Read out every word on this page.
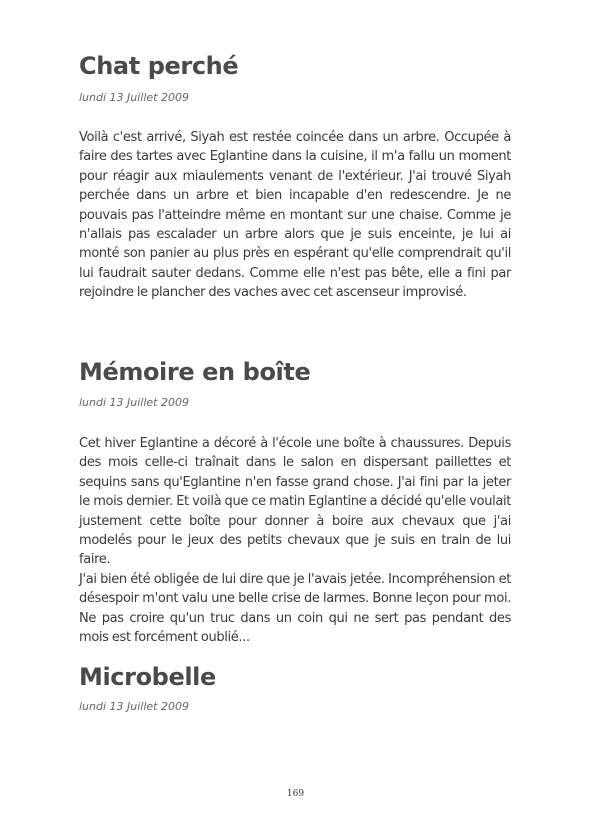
Chat perché
lundi 13 Juillet 2009
Voilà c'est arrivé, Siyah est restée coincée dans un arbre. Occupée à faire des tartes avec Eglantine dans la cuisine, il m'a fallu un moment pour réagir aux miaulements venant de l'extérieur. J'ai trouvé Siyah perchée dans un arbre et bien incapable d'en redescendre. Je ne pouvais pas l'atteindre même en montant sur une chaise. Comme je n'allais pas escalader un arbre alors que je suis enceinte, je lui ai monté son panier au plus près en espérant qu'elle comprendrait qu'il lui faudrait sauter dedans. Comme elle n'est pas bête, elle a fini par rejoindre le plancher des vaches avec cet ascenseur improvisé.
Mémoire en boîte
lundi 13 Juillet 2009
Cet hiver Eglantine a décoré à l'école une boîte à chaussures. Depuis des mois celle-ci traînait dans le salon en dispersant paillettes et sequins sans qu'Eglantine n'en fasse grand chose. J'ai fini par la jeter le mois dernier. Et voilà que ce matin Eglantine a décidé qu'elle voulait justement cette boîte pour donner à boire aux chevaux que j'ai modelés pour le jeux des petits chevaux que je suis en train de lui faire.
J'ai bien été obligée de lui dire que je l'avais jetée. Incompréhension et désespoir m'ont valu une belle crise de larmes. Bonne leçon pour moi. Ne pas croire qu'un truc dans un coin qui ne sert pas pendant des mois est forcément oublié...
Microbelle
lundi 13 Juillet 2009
169
